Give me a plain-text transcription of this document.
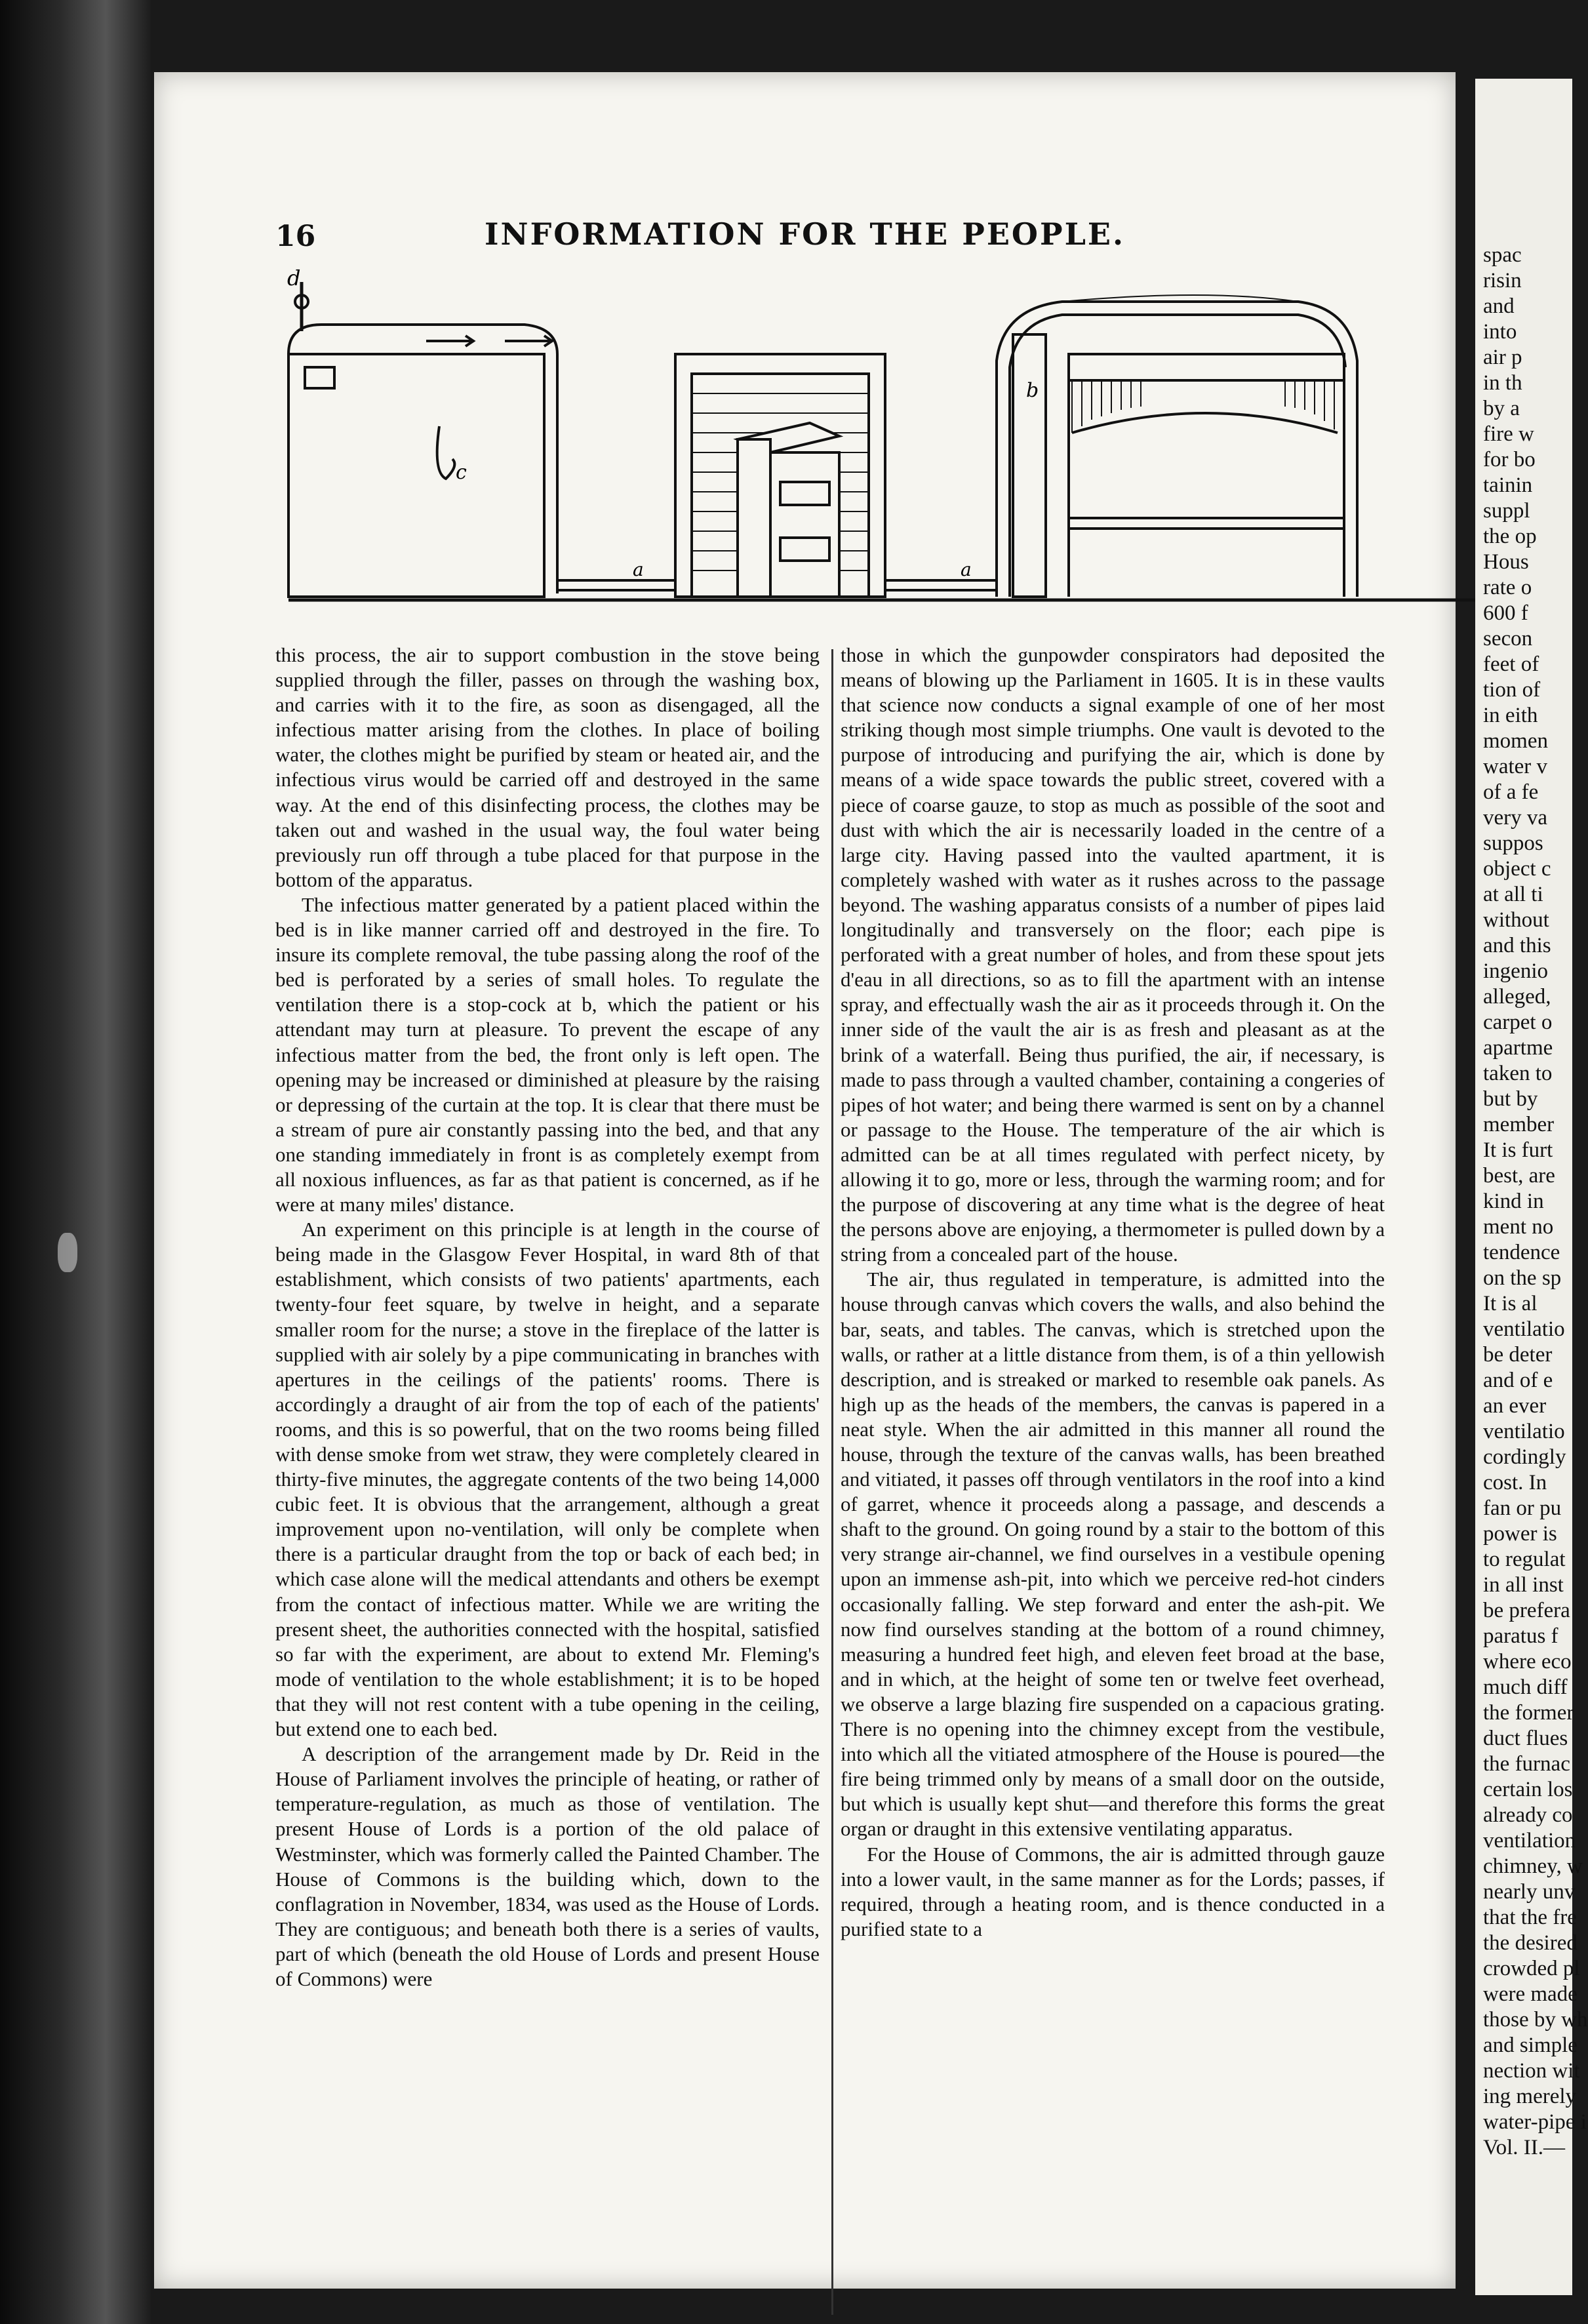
16	INFORMATION FOR THE PEOPLE.
d
c
a	a
b

this process, the air to support combustion in the stove being supplied through the filler, passes on through the washing box, and carries with it to the fire, as soon as disengaged, all the infectious matter arising from the clothes. In place of boiling water, the clothes might be purified by steam or heated air, and the infectious virus would be carried off and destroyed in the same way. At the end of this disinfecting process, the clothes may be taken out and washed in the usual way, the foul water being previously run off through a tube placed for that purpose in the bottom of the apparatus.

The infectious matter generated by a patient placed within the bed is in like manner carried off and destroyed in the fire. To insure its complete removal, the tube passing along the roof of the bed is perforated by a series of small holes. To regulate the ventilation there is a stop-cock at b, which the patient or his attendant may turn at pleasure. To prevent the escape of any infectious matter from the bed, the front only is left open. The opening may be increased or diminished at pleasure by the raising or depressing of the curtain at the top. It is clear that there must be a stream of pure air constantly passing into the bed, and that any one standing immediately in front is as completely exempt from all noxious influences, as far as that patient is concerned, as if he were at many miles' distance.

An experiment on this principle is at length in the course of being made in the Glasgow Fever Hospital, in ward 8th of that establishment, which consists of two patients' apartments, each twenty-four feet square, by twelve in height, and a separate smaller room for the nurse; a stove in the fireplace of the latter is supplied with air solely by a pipe communicating in branches with apertures in the ceilings of the patients' rooms. There is accordingly a draught of air from the top of each of the patients' rooms, and this is so powerful, that on the two rooms being filled with dense smoke from wet straw, they were completely cleared in thirty-five minutes, the aggregate contents of the two being 14,000 cubic feet. It is obvious that the arrangement, although a great improvement upon no-ventilation, will only be complete when there is a particular draught from the top or back of each bed; in which case alone will the medical attendants and others be exempt from the contact of infectious matter. While we are writing the present sheet, the authorities connected with the hospital, satisfied so far with the experiment, are about to extend Mr. Fleming's mode of ventilation to the whole establishment; it is to be hoped that they will not rest content with a tube opening in the ceiling, but extend one to each bed.

A description of the arrangement made by Dr. Reid in the House of Parliament involves the principle of heating, or rather of temperature-regulation, as much as those of ventilation. The present House of Lords is a portion of the old palace of Westminster, which was formerly called the Painted Chamber. The House of Commons is the building which, down to the conflagration in November, 1834, was used as the House of Lords. They are contiguous; and beneath both there is a series of vaults, part of which (beneath the old House of Lords and present House of Commons) were

those in which the gunpowder conspirators had deposited the means of blowing up the Parliament in 1605. It is in these vaults that science now conducts a signal example of one of her most striking though most simple triumphs. One vault is devoted to the purpose of introducing and purifying the air, which is done by means of a wide space towards the public street, covered with a piece of coarse gauze, to stop as much as possible of the soot and dust with which the air is necessarily loaded in the centre of a large city. Having passed into the vaulted apartment, it is completely washed with water as it rushes across to the passage beyond. The washing apparatus consists of a number of pipes laid longitudinally and transversely on the floor; each pipe is perforated with a great number of holes, and from these spout jets d'eau in all directions, so as to fill the apartment with an intense spray, and effectually wash the air as it proceeds through it. On the inner side of the vault the air is as fresh and pleasant as at the brink of a waterfall. Being thus purified, the air, if necessary, is made to pass through a vaulted chamber, containing a congeries of pipes of hot water; and being there warmed is sent on by a channel or passage to the House. The temperature of the air which is admitted can be at all times regulated with perfect nicety, by allowing it to go, more or less, through the warming room; and for the purpose of discovering at any time what is the degree of heat the persons above are enjoying, a thermometer is pulled down by a string from a concealed part of the house.

The air, thus regulated in temperature, is admitted into the house through canvas which covers the walls, and also behind the bar, seats, and tables. The canvas, which is stretched upon the walls, or rather at a little distance from them, is of a thin yellowish description, and is streaked or marked to resemble oak panels. As high up as the heads of the members, the canvas is papered in a neat style. When the air admitted in this manner all round the house, through the texture of the canvas walls, has been breathed and vitiated, it passes off through ventilators in the roof into a kind of garret, whence it proceeds along a passage, and descends a shaft to the ground. On going round by a stair to the bottom of this very strange air-channel, we find ourselves in a vestibule opening upon an immense ash-pit, into which we perceive red-hot cinders occasionally falling. We step forward and enter the ash-pit. We now find ourselves standing at the bottom of a round chimney, measuring a hundred feet high, and eleven feet broad at the base, and in which, at the height of some ten or twelve feet overhead, we observe a large blazing fire suspended on a capacious grating. There is no opening into the chimney except from the vestibule, into which all the vitiated atmosphere of the House is poured—the fire being trimmed only by means of a small door on the outside, but which is usually kept shut—and therefore this forms the great organ or draught in this extensive ventilating apparatus.

For the House of Commons, the air is admitted through gauze into a lower vault, in the same manner as for the Lords; passes, if required, through a heating room, and is thence conducted in a purified state to a

spac
risin
and
into
air p
in th
by a
fire w
for bo
tainin
suppl
the op
Hous
rate o
600 f
secon
feet of
tion of
in eith
momen
water v
of a fe
very va
suppos
object c
at all ti
without
and this
ingenio
alleged,
carpet o
apartme
taken to
but by
member
It is furt
best, are
kind in
ment no
tendence
on the sp
It is al
ventilatio
be deter
and of e
an ever
ventilatio
cordingly
cost. In
fan or pu
power is
to regulat
in all inst
be prefera
paratus f
where eco
much diff
the former
duct flues
the furnac
certain los
already co
ventilation
chimney, w
nearly unv
that the fre
the desired
crowded pl
were made
those by wh
and simple
nection wit
ing merely
water-pipe i
Vol. II.—
